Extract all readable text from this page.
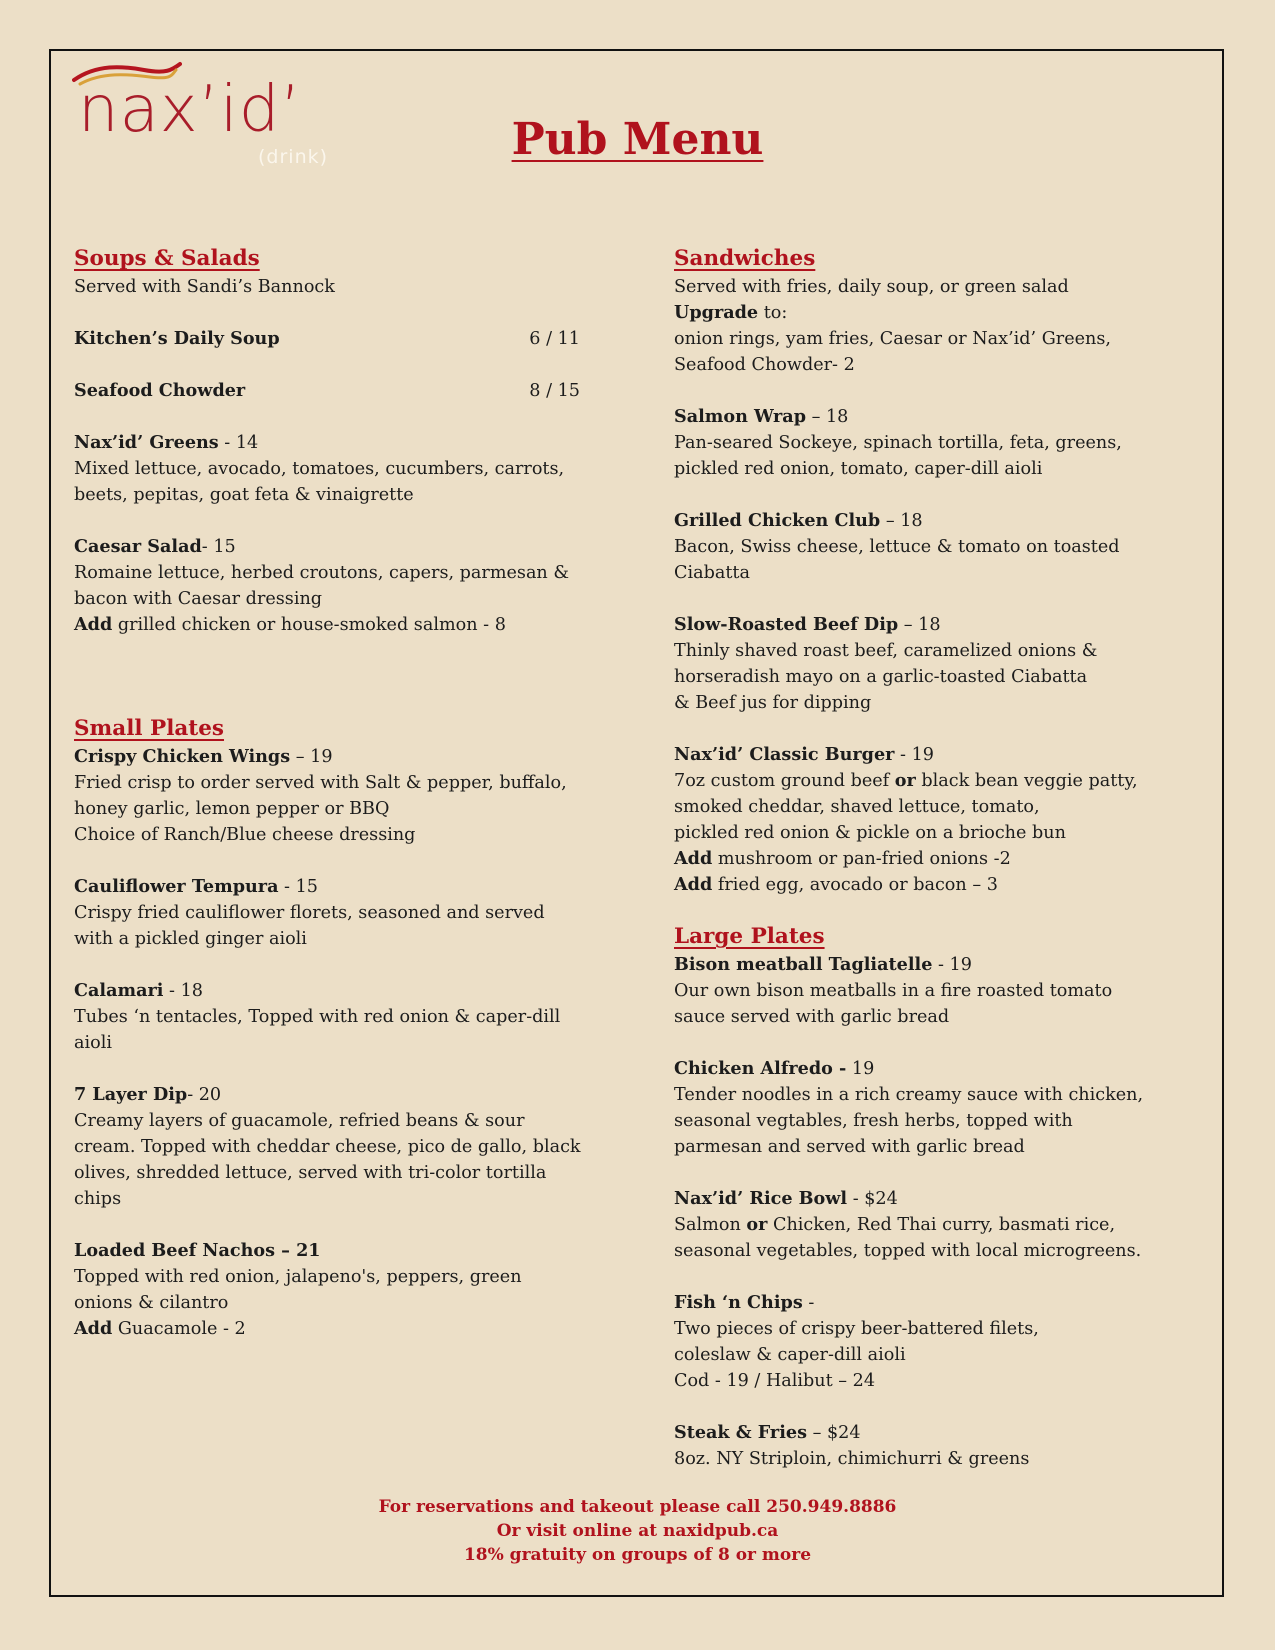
nax’id’
(drink)	Pub Menu

Soups & Salads

Served with Sandi’s Bannock

Kitchen’s Daily Soup	6 / 11
Seafood Chowder	8 / 15

Nax’id’ Greens - 14

Mixed lettuce, avocado, tomatoes, cucumbers, carrots,

beets, pepitas, goat feta & vinaigrette

Caesar Salad- 15

Romaine lettuce, herbed croutons, capers, parmesan &

bacon with Caesar dressing

Add grilled chicken or house-smoked salmon - 8

Small Plates

Crispy Chicken Wings – 19

Fried crisp to order served with Salt & pepper, buffalo,

honey garlic, lemon pepper or BBQ

Choice of Ranch/Blue cheese dressing

Cauliflower Tempura - 15

Crispy fried cauliflower florets, seasoned and served

with a pickled ginger aioli

Calamari - 18

Tubes ‘n tentacles, Topped with red onion & caper-dill

aioli

7 Layer Dip- 20

Creamy layers of guacamole, refried beans & sour

cream. Topped with cheddar cheese, pico de gallo, black

olives, shredded lettuce, served with tri-color tortilla

chips

Loaded Beef Nachos – 21

Topped with red onion, jalapeno's, peppers, green

onions & cilantro

Add Guacamole - 2

Sandwiches

Served with fries, daily soup, or green salad

Upgrade to:

onion rings, yam fries, Caesar or Nax’id’ Greens,

Seafood Chowder- 2

Salmon Wrap – 18

Pan-seared Sockeye, spinach tortilla, feta, greens,

pickled red onion, tomato, caper-dill aioli

Grilled Chicken Club – 18

Bacon, Swiss cheese, lettuce & tomato on toasted

Ciabatta

Slow-Roasted Beef Dip – 18

Thinly shaved roast beef, caramelized onions &

horseradish mayo on a garlic-toasted Ciabatta

& Beef jus for dipping

Nax’id’ Classic Burger - 19

7oz custom ground beef or black bean veggie patty,

smoked cheddar, shaved lettuce, tomato,

pickled red onion & pickle on a brioche bun

Add mushroom or pan-fried onions -2

Add fried egg, avocado or bacon – 3

Large Plates

Bison meatball Tagliatelle - 19

Our own bison meatballs in a fire roasted tomato

sauce served with garlic bread

Chicken Alfredo - 19

Tender noodles in a rich creamy sauce with chicken,

seasonal vegtables, fresh herbs, topped with

parmesan and served with garlic bread

Nax’id’ Rice Bowl - $24

Salmon or Chicken, Red Thai curry, basmati rice,

seasonal vegetables, topped with local microgreens.

Fish ‘n Chips -

Two pieces of crispy beer-battered filets,

coleslaw & caper-dill aioli

Cod - 19 / Halibut – 24

Steak & Fries – $24

8oz. NY Striploin, chimichurri & greens

For reservations and takeout please call 250.949.8886

Or visit online at naxidpub.ca

18% gratuity on groups of 8 or more
